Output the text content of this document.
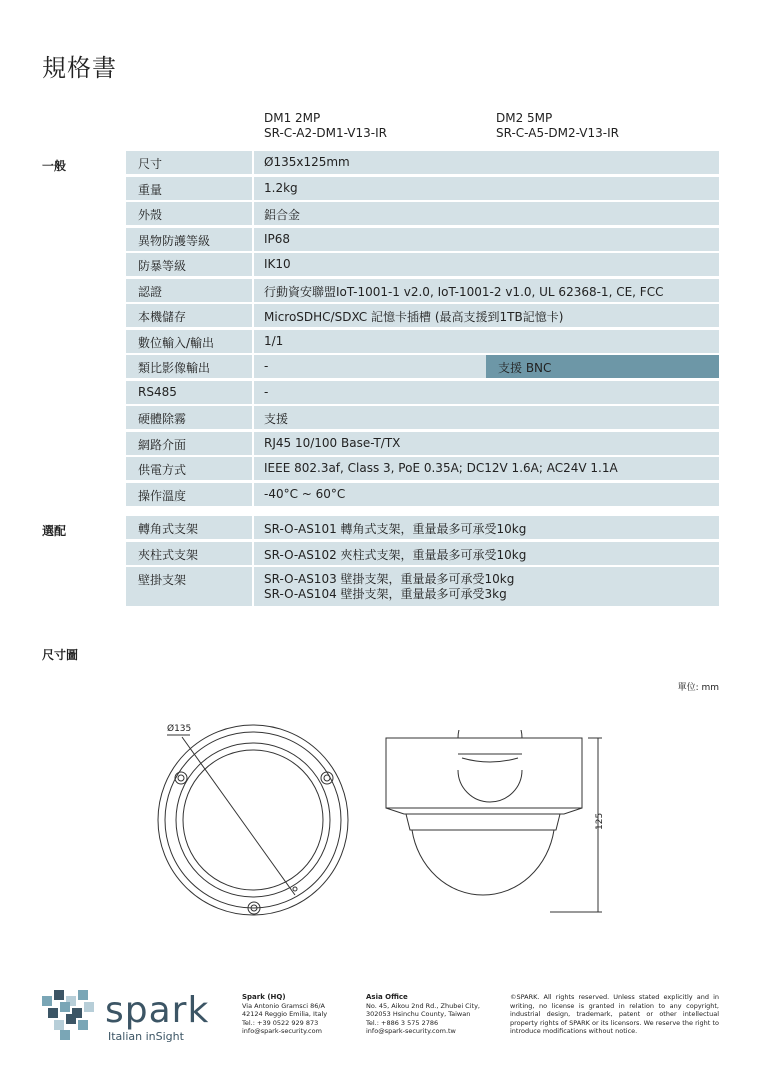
規格書
DM1 2MP
SR-C-A2-DM1-V13-IR
DM2 5MP
SR-C-A5-DM2-V13-IR
一般	尺寸	Ø135x125mm
重量	1.2kg
外殼	鋁合金
異物防護等級	IP68
防暴等級	IK10
認證	行動資安聯盟IoT-1001-1 v2.0, IoT-1001-2 v1.0, UL 62368-1, CE, FCC
本機儲存	MicroSDHC/SDXC 記憶卡插槽 (最高支援到1TB記憶卡)
數位輸入/輸出	1/1
類比影像輸出	-	支援 BNC
RS485	-
硬體除霧	支援
網路介面	RJ45 10/100 Base-T/TX
供電方式	IEEE 802.3af, Class 3, PoE 0.35A; DC12V 1.6A; AC24V 1.1A
操作溫度	-40°C ~ 60°C
選配	轉角式支架	SR-O-AS101 轉角式支架，重量最多可承受10kg
夾柱式支架	SR-O-AS102 夾柱式支架，重量最多可承受10kg
壁掛支架	SR-O-AS103 壁掛支架，重量最多可承受10kg
SR-O-AS104 壁掛支架，重量最多可承受3kg
尺寸圖
單位: mm
Ø135
125
spark
Italian inSight
Spark (HQ)
Via Antonio Gramsci 86/A
42124 Reggio Emilia, Italy
Tel.: +39 0522 929 873
info@spark-security.com
Asia Office
No. 45, Aikou 2nd Rd., Zhubei City,
302053 Hsinchu County, Taiwan
Tel.: +886 3 575 2786
info@spark-security.com.tw
©SPARK. All rights reserved. Unless stated explicitly and in writing, no license is granted in relation to any copyright, industrial design, trademark, patent or other intellectual property rights of SPARK or its licensors. We reserve the right to introduce modifications without notice.
